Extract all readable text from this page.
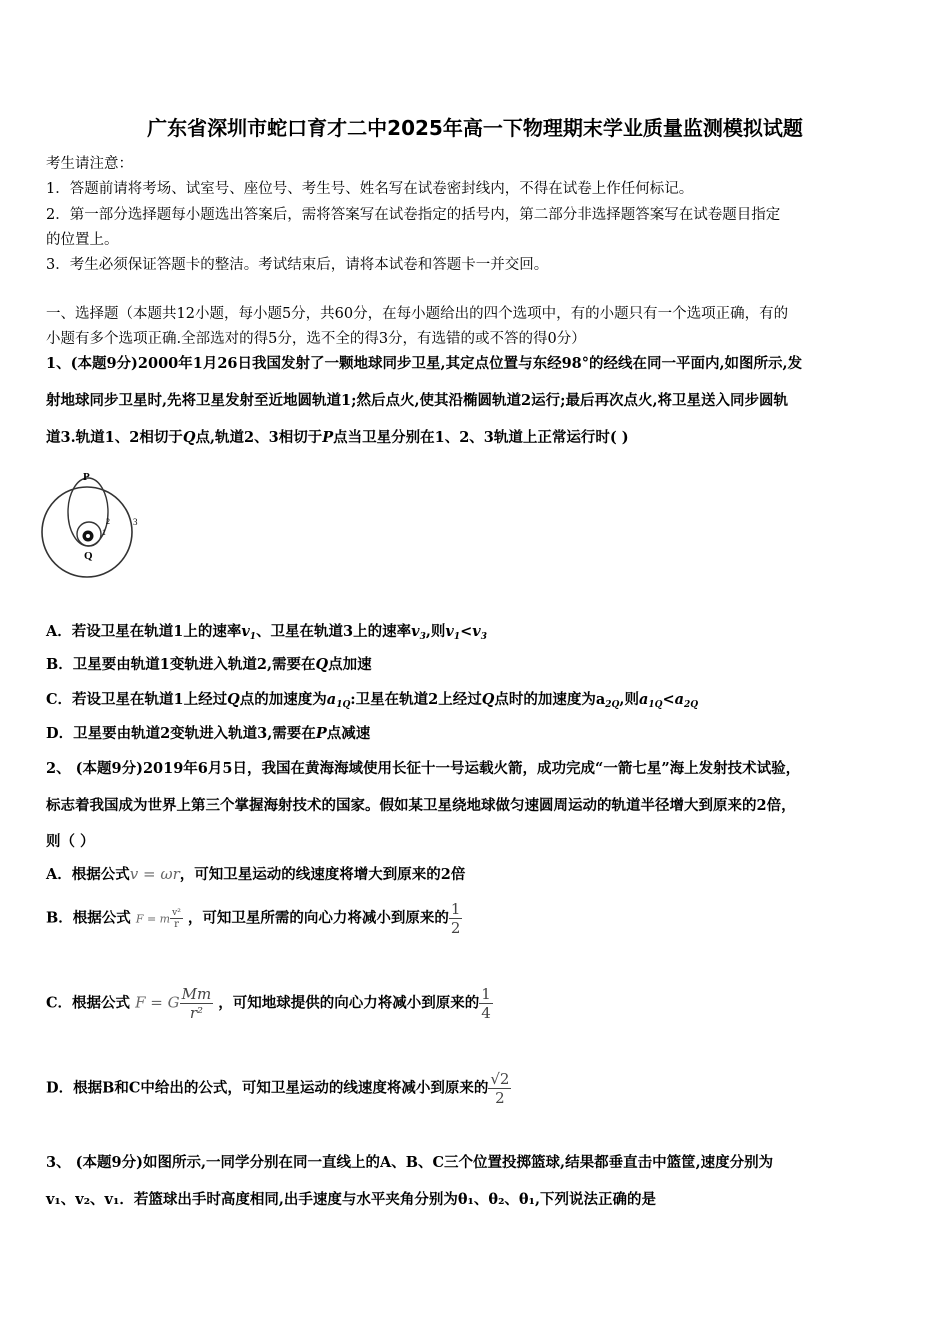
广东省深圳市蛇口育才二中2025年高一下物理期末学业质量监测模拟试题
考生请注意：
1．答题前请将考场、试室号、座位号、考生号、姓名写在试卷密封线内，不得在试卷上作任何标记。
2．第一部分选择题每小题选出答案后，需将答案写在试卷指定的括号内，第二部分非选择题答案写在试卷题目指定
的位置上。
3．考生必须保证答题卡的整洁。考试结束后，请将本试卷和答题卡一并交回。
一、选择题（本题共12小题，每小题5分，共60分，在每小题给出的四个选项中，有的小题只有一个选项正确，有的
小题有多个选项正确.全部选对的得5分，选不全的得3分，有选错的或不答的得0分）
1、(本题9分)2000年1月26日我国发射了一颗地球同步卫星,其定点位置与东经98°的经线在同一平面内,如图所示,发
射地球同步卫星时,先将卫星发射至近地圆轨道1;然后点火,使其沿椭圆轨道2运行;最后再次点火,将卫星送入同步圆轨
道3.轨道1、2相切于Q点,轨道2、3相切于P点当卫星分别在1、2、3轨道上正常运行时( )
P
Q
1
2	3
A．若设卫星在轨道1上的速率$v_1$、卫星在轨道3上的速率$v_3$,则$v_1<v_3$
B．卫星要由轨道1变轨进入轨道2,需要在Q点加速
C．若设卫星在轨道1上经过Q点的加速度为$a_{1Q}$:卫星在轨道2上经过Q点时的加速度为$a_{2Q}$,则$a_{1Q}<a_{2Q}$
D．卫星要由轨道2变轨进入轨道3,需要在P点减速
2、 (本题9分)2019年6月5日，我国在黄海海域使用长征十一号运载火箭，成功完成“一箭七星”海上发射技术试验，
标志着我国成为世界上第三个掌握海射技术的国家。假如某卫星绕地球做匀速圆周运动的轨道半径增大到原来的2倍，
则（ ）
A．根据公式v = ωr，可知卫星运动的线速度将增大到原来的2倍
B．根据公式 F = m $\frac{\text{v²}}{r}$ ，可知卫星所需的向心力将减小到原来的 $\frac{1}{2}$
C．根据公式 F = G $\frac{Mm}{\text{r²}}$ ，可知地球提供的向心力将减小到原来的 $\frac{1}{4}$
D．根据B和C中给出的公式，可知卫星运动的线速度将减小到原来的 $\frac{√2}{2}$
3、 (本题9分)如图所示,一同学分别在同一直线上的A、B、C三个位置投掷篮球,结果都垂直击中篮筐,速度分别为
v₁、v₂、v₁．若篮球出手时高度相同,出手速度与水平夹角分别为θ₁、θ₂、θ₁,下列说法正确的是
